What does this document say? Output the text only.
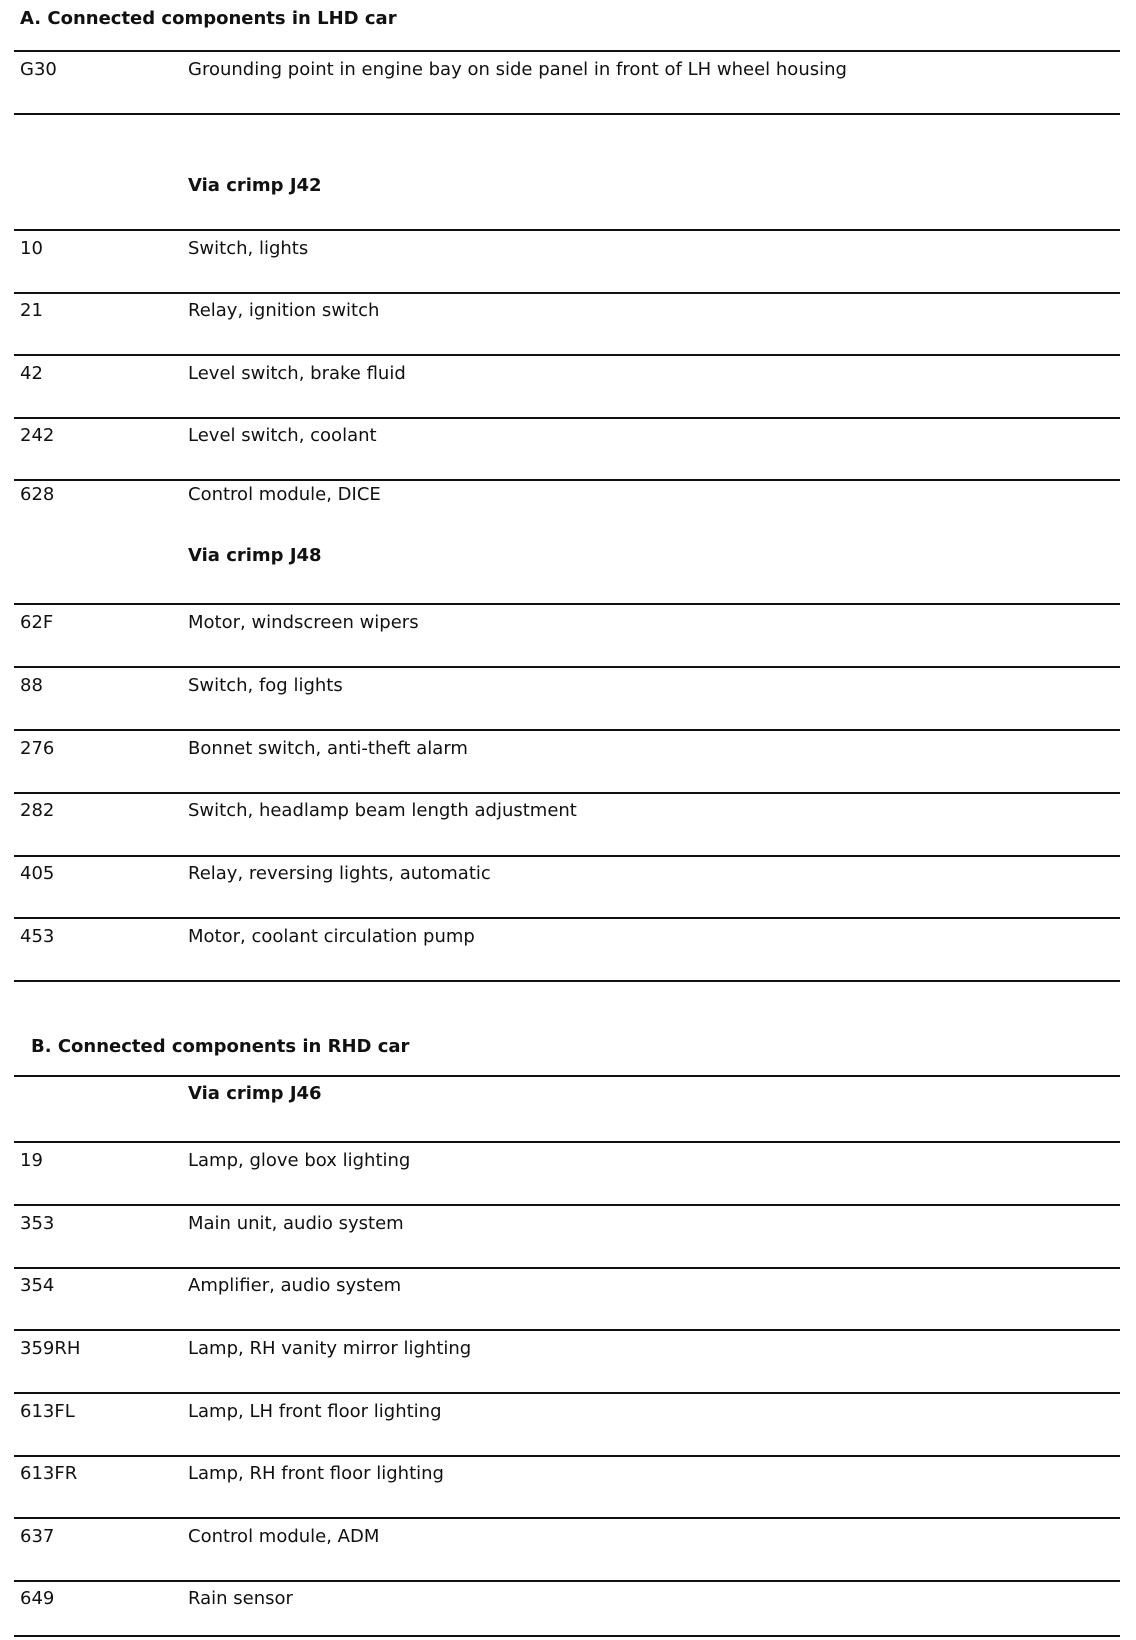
A. Connected components in LHD car
G30	Grounding point in engine bay on side panel in front of LH wheel housing
Via crimp J42
10	Switch, lights
21	Relay, ignition switch
42	Level switch, brake fluid
242	Level switch, coolant
628	Control module, DICE
Via crimp J48
62F	Motor, windscreen wipers
88	Switch, fog lights
276	Bonnet switch, anti-theft alarm
282	Switch, headlamp beam length adjustment
405	Relay, reversing lights, automatic
453	Motor, coolant circulation pump
B. Connected components in RHD car
Via crimp J46
19	Lamp, glove box lighting
353	Main unit, audio system
354	Amplifier, audio system
359RH	Lamp, RH vanity mirror lighting
613FL	Lamp, LH front floor lighting
613FR	Lamp, RH front floor lighting
637	Control module, ADM
649	Rain sensor
